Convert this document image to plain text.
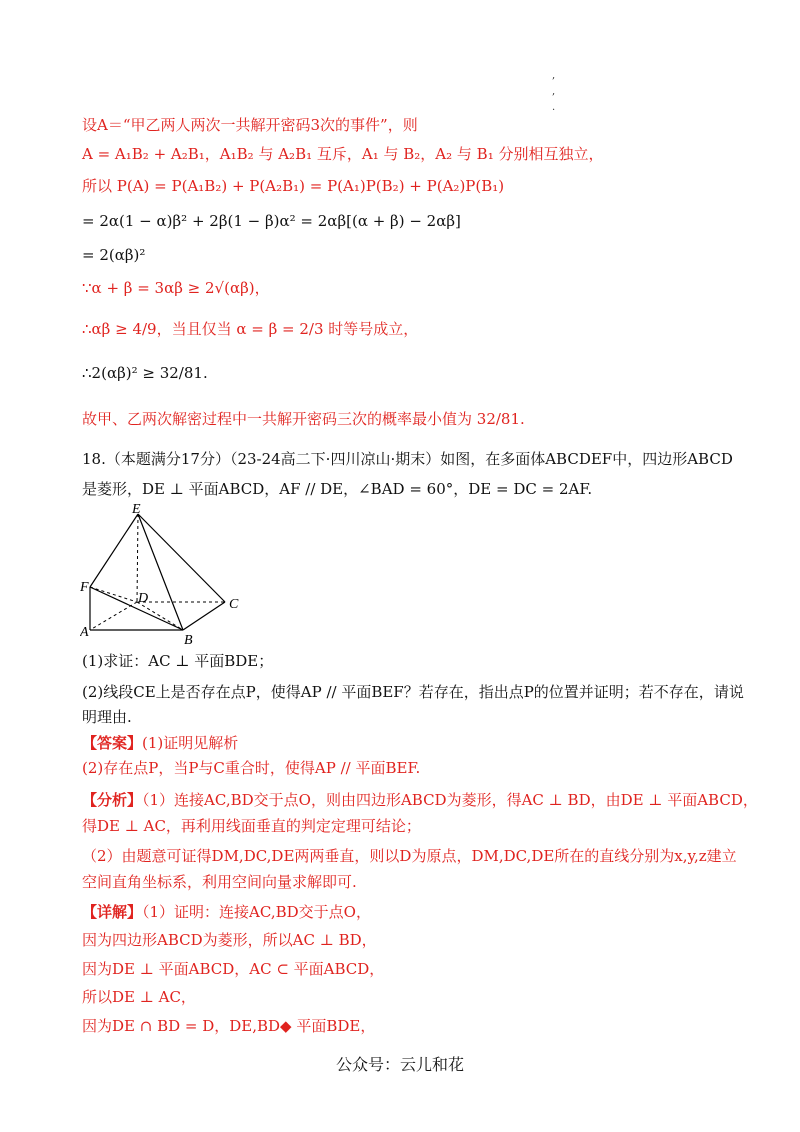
,
,
.
设A＝“甲乙两人两次一共解开密码3次的事件”，则
A = A₁B₂ + A₂B₁，A₁B₂ 与 A₂B₁ 互斥，A₁ 与 B₂，A₂ 与 B₁ 分别相互独立，
所以 P(A) = P(A₁B₂) + P(A₂B₁) = P(A₁)P(B₂) + P(A₂)P(B₁)
= 2α(1 − α)β² + 2β(1 − β)α² = 2αβ[(α + β) − 2αβ]
= 2(αβ)²
∵α + β = 3αβ ≥ 2√(αβ)，
∴αβ ≥ 4/9，当且仅当 α = β = 2/3 时等号成立，
∴2(αβ)² ≥ 32/81.
故甲、乙两次解密过程中一共解开密码三次的概率最小值为 32/81.
18.（本题满分17分）（23-24高二下·四川凉山·期末）如图，在多面体ABCDEF中，四边形ABCD
是菱形，DE ⊥ 平面ABCD，AF // DE，∠BAD = 60°，DE = DC = 2AF.
E
F
D	C
A
B
(1)求证：AC ⊥ 平面BDE；
(2)线段CE上是否存在点P，使得AP // 平面BEF？若存在，指出点P的位置并证明；若不存在，请说
明理由.
【答案】(1)证明见解析
(2)存在点P，当P与C重合时，使得AP // 平面BEF.
【分析】（1）连接AC,BD交于点O，则由四边形ABCD为菱形，得AC ⊥ BD，由DE ⊥ 平面ABCD，
得DE ⊥ AC，再利用线面垂直的判定定理可结论；
（2）由题意可证得DM,DC,DE两两垂直，则以D为原点，DM,DC,DE所在的直线分别为x,y,z建立
空间直角坐标系，利用空间向量求解即可.
【详解】（1）证明：连接AC,BD交于点O，
因为四边形ABCD为菱形，所以AC ⊥ BD，
因为DE ⊥ 平面ABCD，AC ⊂ 平面ABCD，
所以DE ⊥ AC，
因为DE ∩ BD = D，DE,BD◆ 平面BDE，
公众号：云儿和花
